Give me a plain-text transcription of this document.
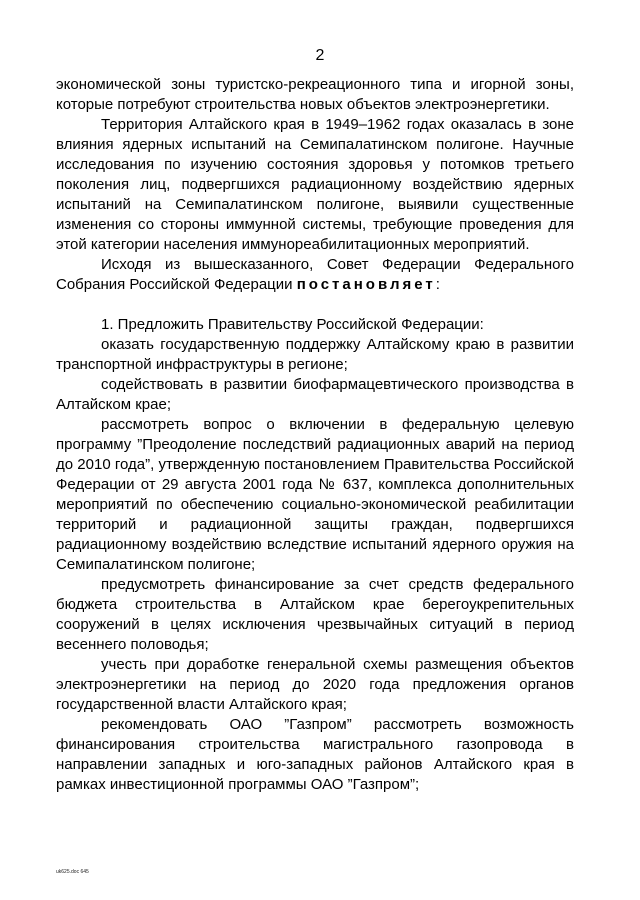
2

экономической зоны туристско-рекреационного типа и игорной зоны, которые потребуют строительства новых объектов электроэнергетики.

Территория Алтайского края в 1949–1962 годах оказалась в зоне влияния ядерных испытаний на Семипалатинском полигоне. Научные исследования по изучению состояния здоровья у потомков третьего поколения лиц, подвергшихся радиационному воздействию ядерных испытаний на Семипалатинском полигоне, выявили существенные изменения со стороны иммунной системы, требующие проведения для этой категории населения иммунореабилитационных мероприятий.

Исходя из вышесказанного, Совет Федерации Федерального Собрания Российской Федерации постановляет:

1. Предложить Правительству Российской Федерации:

оказать государственную поддержку Алтайскому краю в развитии транспортной инфраструктуры в регионе;

содействовать в развитии биофармацевтического производства в Алтайском крае;

рассмотреть вопрос о включении в федеральную целевую программу ”Преодоление последствий радиационных аварий на период до 2010 года”, утвержденную постановлением Правительства Российской Федерации от 29 августа 2001 года № 637, комплекса дополнительных мероприятий по обеспечению социально-экономической реабилитации территорий и радиационной защиты граждан, подвергшихся радиационному воздействию вследствие испытаний ядерного оружия на Семипалатинском полигоне;

предусмотреть финансирование за счет средств федерального бюджета строительства в Алтайском крае берегоукрепительных сооружений в целях исключения чрезвычайных ситуаций в период весеннего половодья;

учесть при доработке генеральной схемы размещения объектов электроэнергетики на период до 2020 года предложения органов государственной власти Алтайского края;

рекомендовать ОАО ”Газпром” рассмотреть возможность финансирования строительства магистрального газопровода в направлении западных и юго-западных районов Алтайского края в рамках инвестиционной программы ОАО ”Газпром”;

uk625.doc 645
